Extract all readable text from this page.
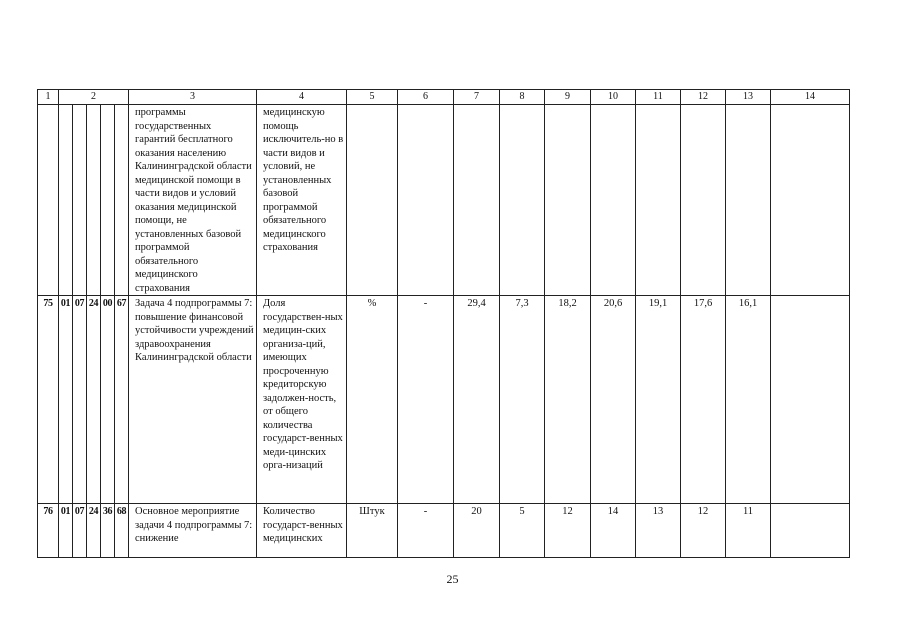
1	2					3	4	5	6	7	8	9	10	11	12	13	14
						программы государственных гарантий бесплатного оказания населению Калининградской области медицинской помощи в части видов и условий оказания медицинской помощи, не установленных базовой программой обязательного медицинского страхования	медицинскую помощь исключитель-но в части видов и условий, не установленных базовой программой обязательного медицинского страхования										
75	01	07	24	00	67	Задача 4 подпрограммы 7: повышение финансовой устойчивости учреждений здравоохранения Калининградской области	Доля государствен-ных медицин-ских организа-ций, имеющих просроченную кредиторскую задолжен-ность, от общего количества государст-венных меди-цинских орга-низаций	%	-	29,4	7,3	18,2	20,6	19,1	17,6	16,1	
76	01	07	24	36	68	Основное мероприятие задачи 4 подпрограммы 7: снижение	Количество государст-венных медицинских	Штук	-	20	5	12	14	13	12	11	
25
